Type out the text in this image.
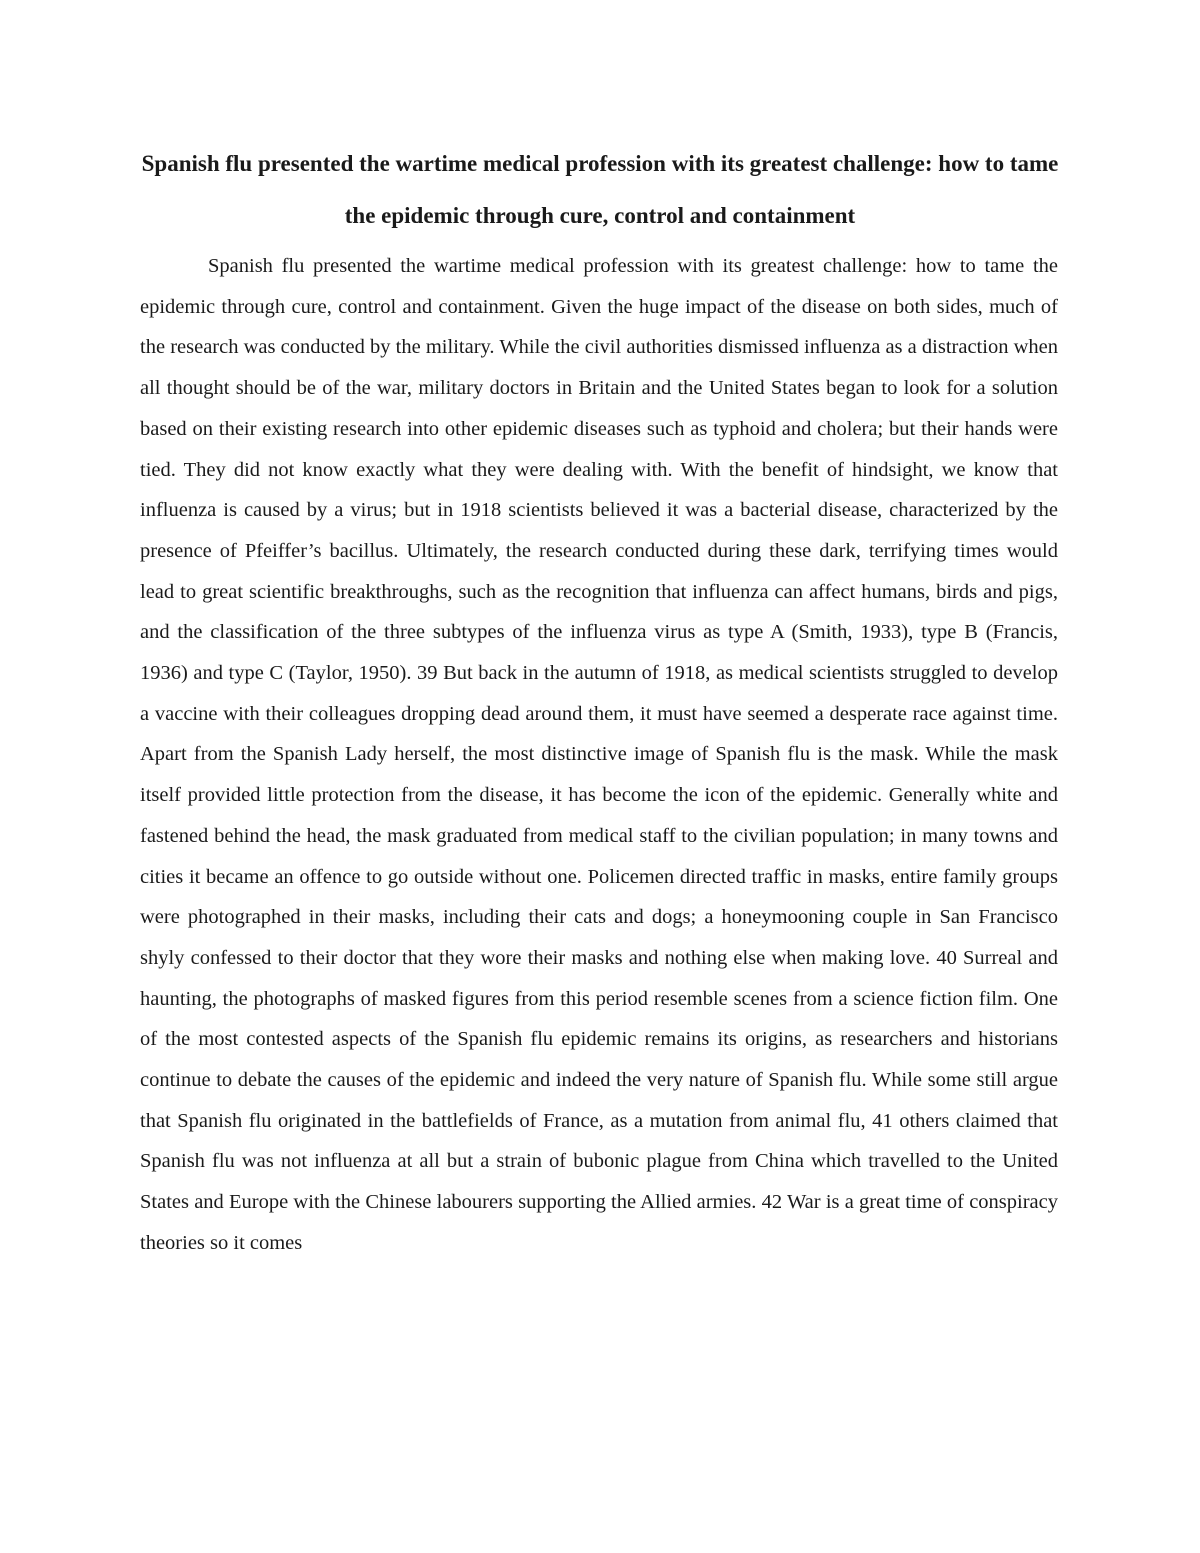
Spanish flu presented the wartime medical profession with its greatest challenge: how to tame the epidemic through cure, control and containment

Spanish flu presented the wartime medical profession with its greatest challenge: how to tame the epidemic through cure, control and containment. Given the huge impact of the disease on both sides, much of the research was conducted by the military. While the civil authorities dismissed influenza as a distraction when all thought should be of the war, military doctors in Britain and the United States began to look for a solution based on their existing research into other epidemic diseases such as typhoid and cholera; but their hands were tied. They did not know exactly what they were dealing with. With the benefit of hindsight, we know that influenza is caused by a virus; but in 1918 scientists believed it was a bacterial disease, characterized by the presence of Pfeiffer’s bacillus. Ultimately, the research conducted during these dark, terrifying times would lead to great scientific breakthroughs, such as the recognition that influenza can affect humans, birds and pigs, and the classification of the three subtypes of the influenza virus as type A (Smith, 1933), type B (Francis, 1936) and type C (Taylor, 1950). 39 But back in the autumn of 1918, as medical scientists struggled to develop a vaccine with their colleagues dropping dead around them, it must have seemed a desperate race against time. Apart from the Spanish Lady herself, the most distinctive image of Spanish flu is the mask. While the mask itself provided little protection from the disease, it has become the icon of the epidemic. Generally white and fastened behind the head, the mask graduated from medical staff to the civilian population; in many towns and cities it became an offence to go outside without one. Policemen directed traffic in masks, entire family groups were photographed in their masks, including their cats and dogs; a honeymooning couple in San Francisco shyly confessed to their doctor that they wore their masks and nothing else when making love. 40 Surreal and haunting, the photographs of masked figures from this period resemble scenes from a science fiction film. One of the most contested aspects of the Spanish flu epidemic remains its origins, as researchers and historians continue to debate the causes of the epidemic and indeed the very nature of Spanish flu. While some still argue that Spanish flu originated in the battlefields of France, as a mutation from animal flu, 41 others claimed that Spanish flu was not influenza at all but a strain of bubonic plague from China which travelled to the United States and Europe with the Chinese labourers supporting the Allied armies. 42 War is a great time of conspiracy theories so it comes
